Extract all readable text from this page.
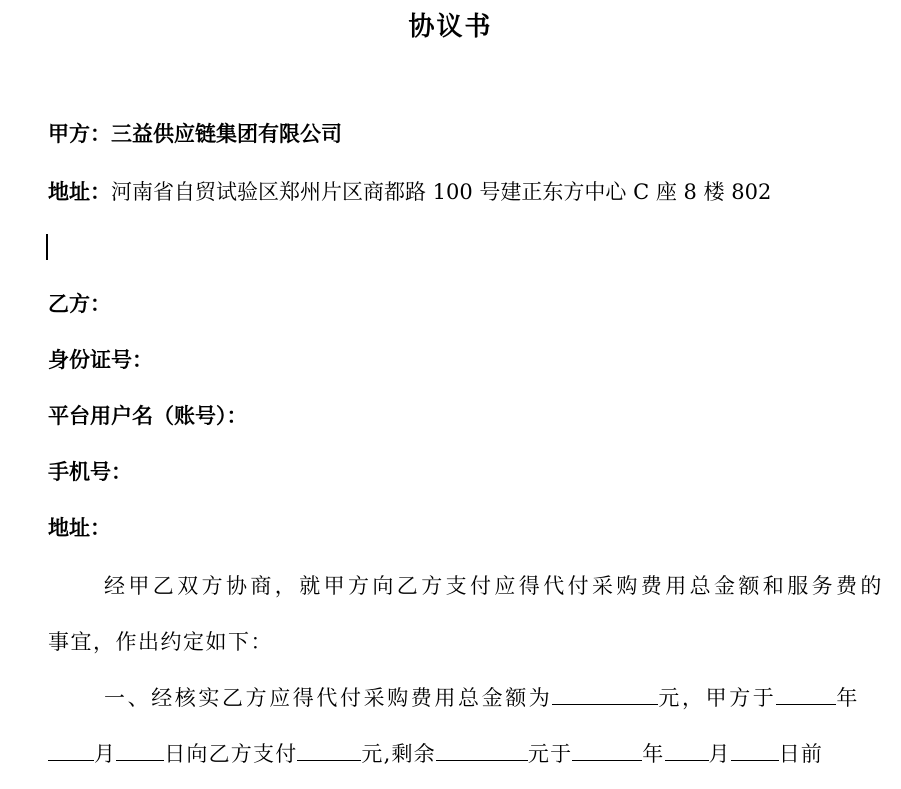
协议书
甲方：三益供应链集团有限公司
地址：河南省自贸试验区郑州片区商都路 100 号建正东方中心 C 座 8 楼 802
乙方：
身份证号：
平台用户名（账号）：
手机号：
地址：
经甲乙双方协商，就甲方向乙方支付应得代付采购费用总金额和服务费的
事宜，作出约定如下：
一、经核实乙方应得代付采购费用总金额为	元，甲方于	年
月 日向乙方支付	元,剩余	元于	年 月 日前
